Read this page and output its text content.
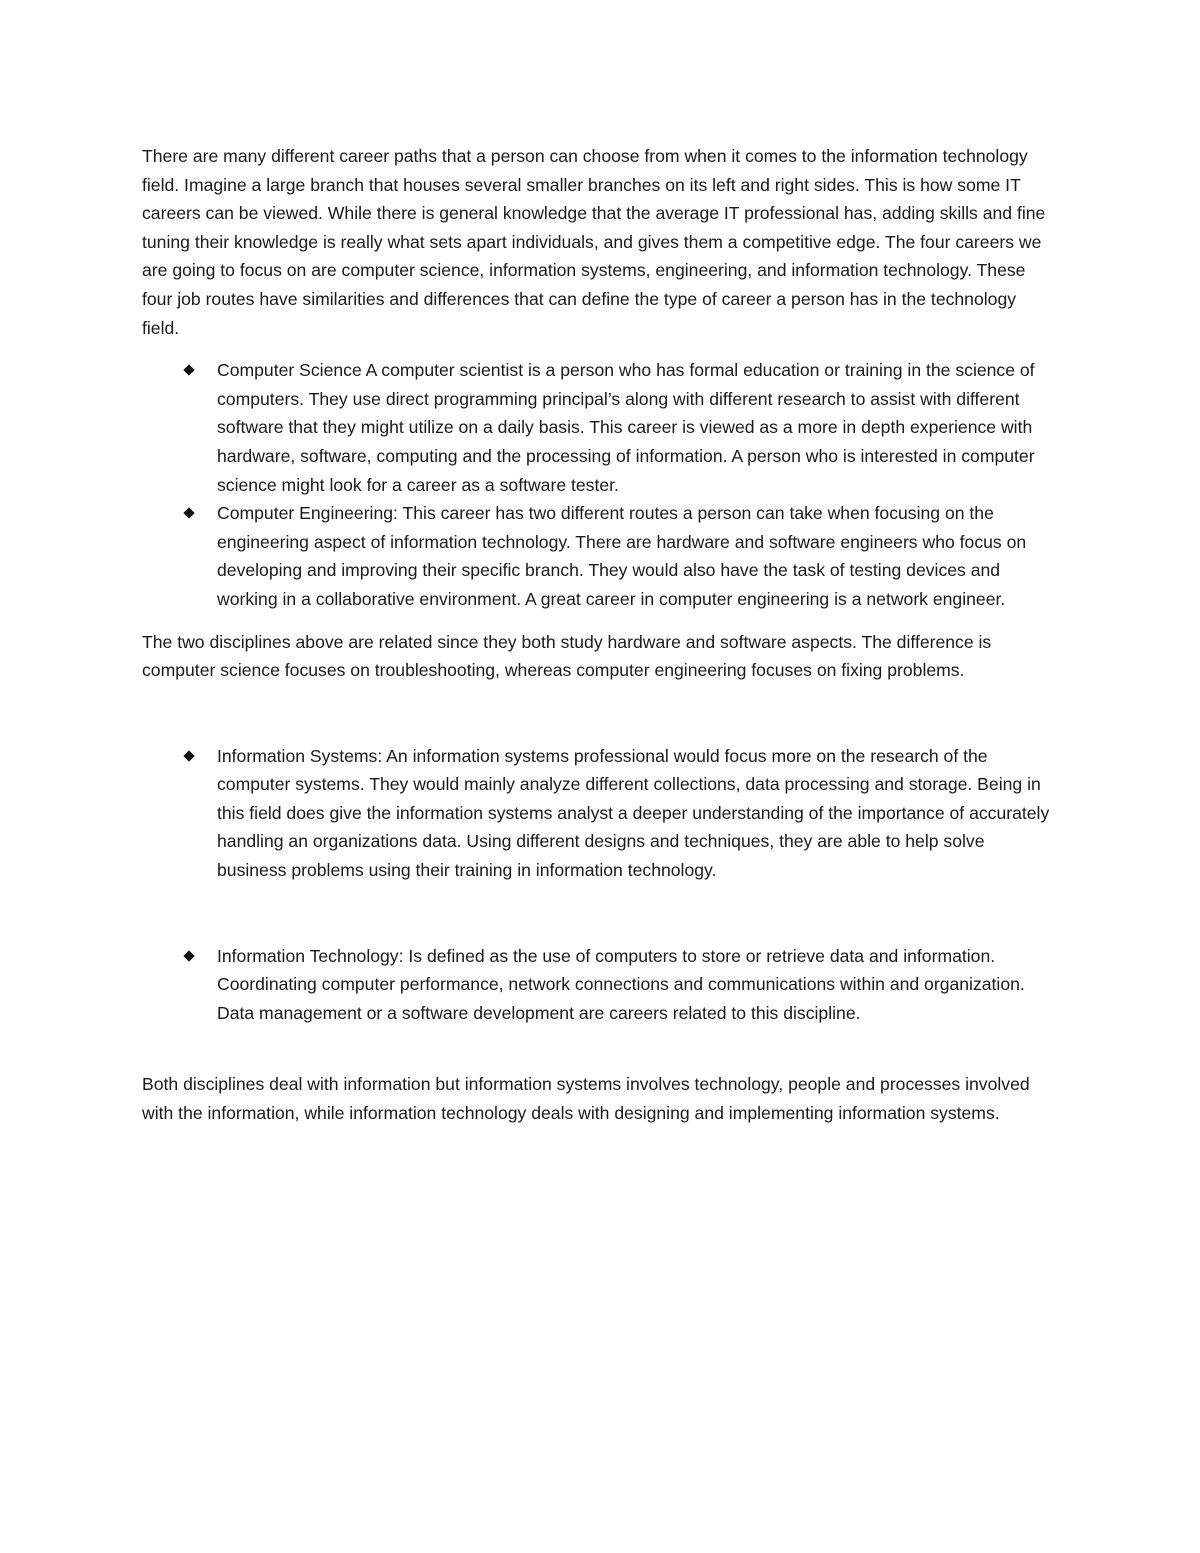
There are many different career paths that a person can choose from when it comes to the information technology field. Imagine a large branch that houses several smaller branches on its left and right sides. This is how some IT careers can be viewed. While there is general knowledge that the average IT professional has, adding skills and fine tuning their knowledge is really what sets apart individuals, and gives them a competitive edge. The four careers we are going to focus on are computer science, information systems, engineering, and information technology. These four job routes have similarities and differences that can define the type of career a person has in the technology field.

Computer Science A computer scientist is a person who has formal education or training in the science of computers. They use direct programming principal’s along with different research to assist with different software that they might utilize on a daily basis. This career is viewed as a more in depth experience with hardware, software, computing and the processing of information. A person who is interested in computer science might look for a career as a software tester.
Computer Engineering: This career has two different routes a person can take when focusing on the engineering aspect of information technology. There are hardware and software engineers who focus on developing and improving their specific branch. They would also have the task of testing devices and working in a collaborative environment. A great career in computer engineering is a network engineer.

The two disciplines above are related since they both study hardware and software aspects. The difference is computer science focuses on troubleshooting, whereas computer engineering focuses on fixing problems.

Information Systems: An information systems professional would focus more on the research of the computer systems. They would mainly analyze different collections, data processing and storage. Being in this field does give the information systems analyst a deeper understanding of the importance of accurately handling an organizations data. Using different designs and techniques, they are able to help solve business problems using their training in information technology.
Information Technology: Is defined as the use of computers to store or retrieve data and information. Coordinating computer performance, network connections and communications within and organization. Data management or a software development are careers related to this discipline.

Both disciplines deal with information but information systems involves technology, people and processes involved with the information, while information technology deals with designing and implementing information systems.
